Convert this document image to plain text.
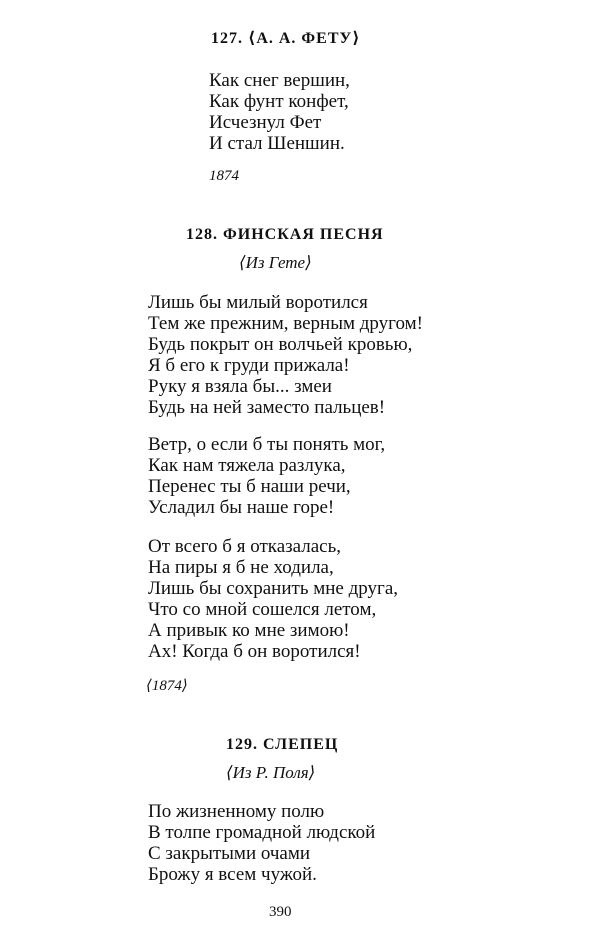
127. ⟨А. А. ФЕТУ⟩
Как снег вершин,
Как фунт конфет,
Исчезнул Фет
И стал Шеншин.
1874
128. ФИНСКАЯ ПЕСНЯ
⟨Из Гете⟩
Лишь бы милый воротился
Тем же прежним, верным другом!
Будь покрыт он волчьей кровью,
Я б его к груди прижала!
Руку я взяла бы... змеи
Будь на ней заместо пальцев!
Ветр, о если б ты понять мог,
Как нам тяжела разлука,
Перенес ты б наши речи,
Усладил бы наше горе!
От всего б я отказалась,
На пиры я б не ходила,
Лишь бы сохранить мне друга,
Что со мной сошелся летом,
А привык ко мне зимою!
Ах! Когда б он воротился!
⟨1874⟩
129. СЛЕПЕЦ
⟨Из Р. Поля⟩
По жизненному полю
В толпе громадной людской
С закрытыми очами
Брожу я всем чужой.
390
